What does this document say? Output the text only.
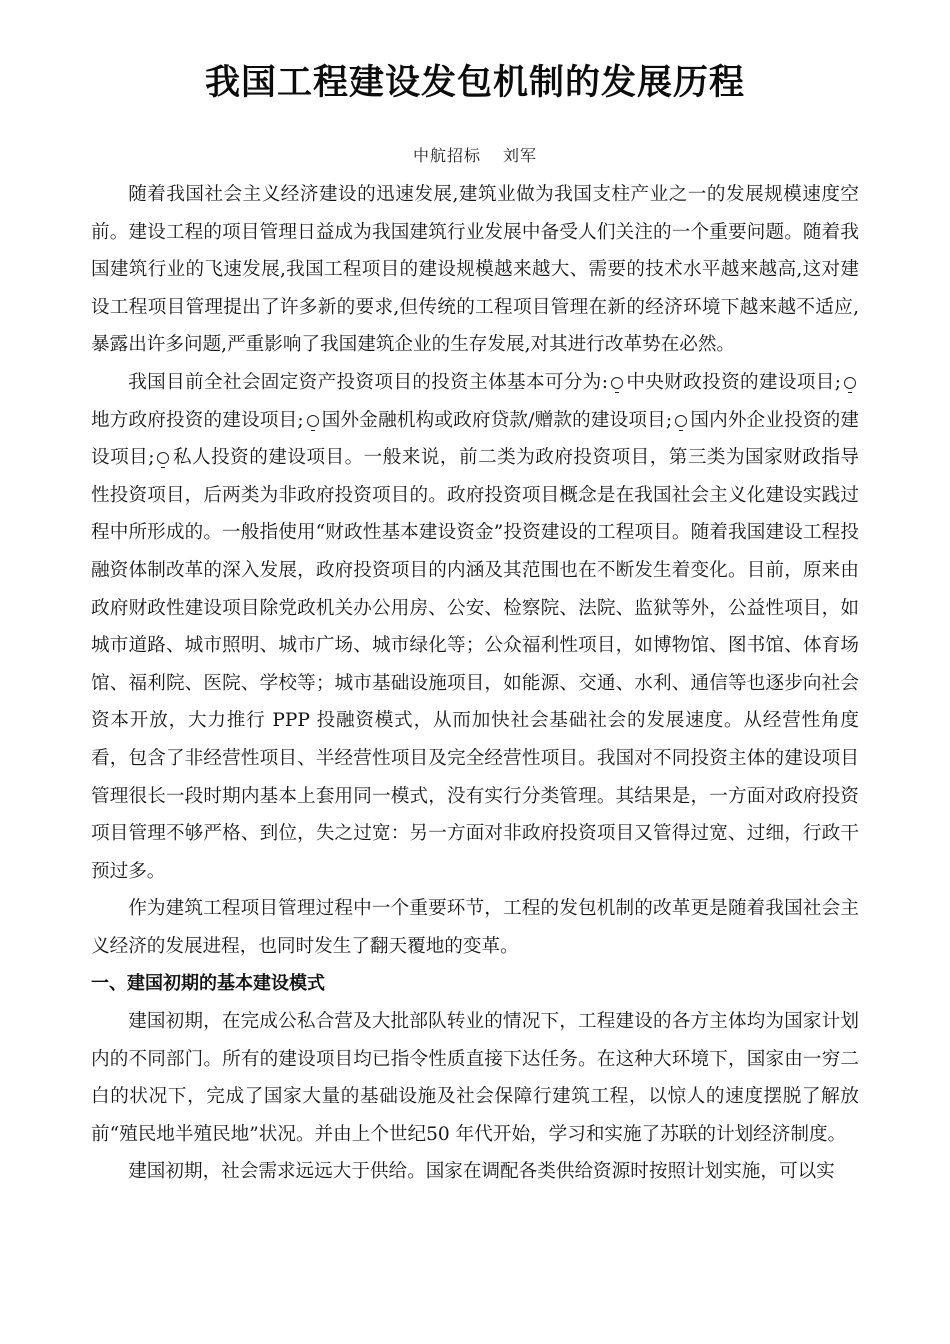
我国工程建设发包机制的发展历程
中航招标 刘军

随着我国社会主义经济建设的迅速发展,建筑业做为我国支柱产业之一的发展规模速度空前。建设工程的项目管理日益成为我国建筑行业发展中备受人们关注的一个重要问题。随着我国建筑行业的飞速发展,我国工程项目的建设规模越来越大、需要的技术水平越来越高,这对建设工程项目管理提出了许多新的要求,但传统的工程项目管理在新的经济环境下越来越不适应,暴露出许多问题,严重影响了我国建筑企业的生存发展,对其进行改革势在必然。

我国目前全社会固定资产投资项目的投资主体基本可分为: 中央财政投资的建设项目;地方政府投资的建设项目; 国外金融机构或政府贷款/赠款的建设项目; 国内外企业投资的建设项目; 私人投资的建设项目。一般来说，前二类为政府投资项目，第三类为国家财政指导性投资项目，后两类为非政府投资项目的。政府投资项目概念是在我国社会主义化建设实践过程中所形成的。一般指使用“财政性基本建设资金”投资建设的工程项目。随着我国建设工程投融资体制改革的深入发展，政府投资项目的内涵及其范围也在不断发生着变化。目前，原来由政府财政性建设项目除党政机关办公用房、公安、检察院、法院、监狱等外，公益性项目，如城市道路、城市照明、城市广场、城市绿化等；公众福利性项目，如博物馆、图书馆、体育场馆、福利院、医院、学校等；城市基础设施项目，如能源、交通、水利、通信等也逐步向社会资本开放，大力推行 PPP 投融资模式，从而加快社会基础社会的发展速度。从经营性角度看，包含了非经营性项目、半经营性项目及完全经营性项目。我国对不同投资主体的建设项目管理很长一段时期内基本上套用同一模式，没有实行分类管理。其结果是，一方面对政府投资项目管理不够严格、到位，失之过宽：另一方面对非政府投资项目又管得过宽、过细，行政干预过多。

作为建筑工程项目管理过程中一个重要环节，工程的发包机制的改革更是随着我国社会主义经济的发展进程，也同时发生了翻天覆地的变革。

一、建国初期的基本建设模式

建国初期，在完成公私合营及大批部队转业的情况下，工程建设的各方主体均为国家计划内的不同部门。所有的建设项目均已指令性质直接下达任务。在这种大环境下，国家由一穷二白的状况下，完成了国家大量的基础设施及社会保障行建筑工程，以惊人的速度摆脱了解放前“殖民地半殖民地”状况。并由上个世纪50 年代开始，学习和实施了苏联的计划经济制度。

建国初期，社会需求远远大于供给。国家在调配各类供给资源时按照计划实施，可以实
